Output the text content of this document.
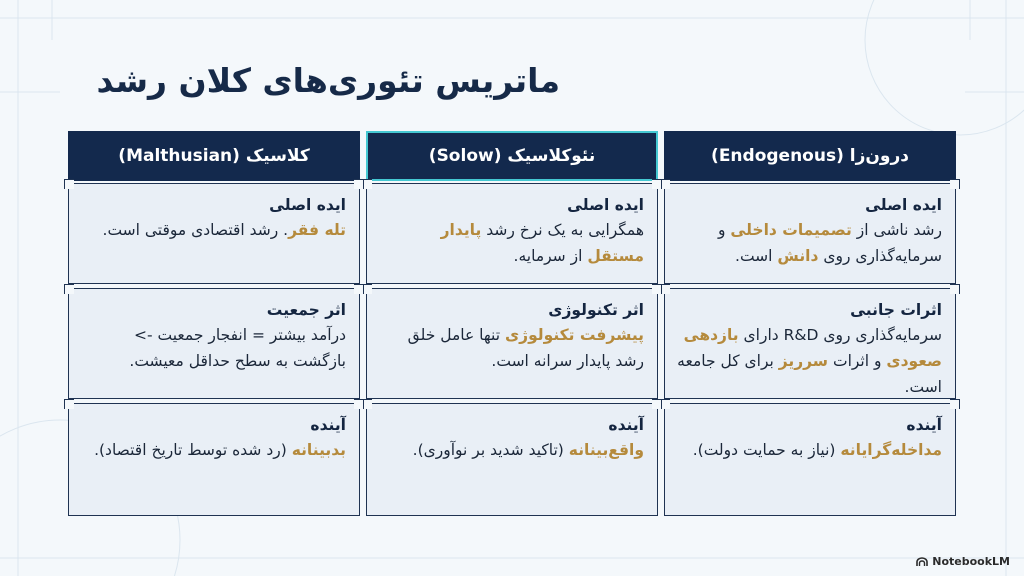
ماتریس تئوری‌های کلان رشد
درون‌زا (Endogenous)
نئوکلاسیک (Solow)
کلاسیک (Malthusian)
ایده اصلی
رشد ناشی از تصمیمات داخلی و سرمایه‌گذاری روی دانش است.
اثرات جانبی
سرمایه‌گذاری روی R&D دارای بازدهی صعودی و اثرات سرریز برای کل جامعه است.
آینده
مداخله‌گرایانه (نیاز به حمایت دولت).
ایده اصلی
همگرایی به یک نرخ رشد پایدار مستقل از سرمایه.
اثر تکنولوژی
پیشرفت تکنولوژی تنها عامل خلق رشد پایدار سرانه است.
آینده
واقع‌بینانه (تاکید شدید بر نوآوری).
ایده اصلی
تله فقر. رشد اقتصادی موقتی است.
اثر جمعیت
درآمد بیشتر = انفجار جمعیت -> بازگشت به سطح حداقل معیشت.
آینده
بدبینانه (رد شده توسط تاریخ اقتصاد).
NotebookLM
